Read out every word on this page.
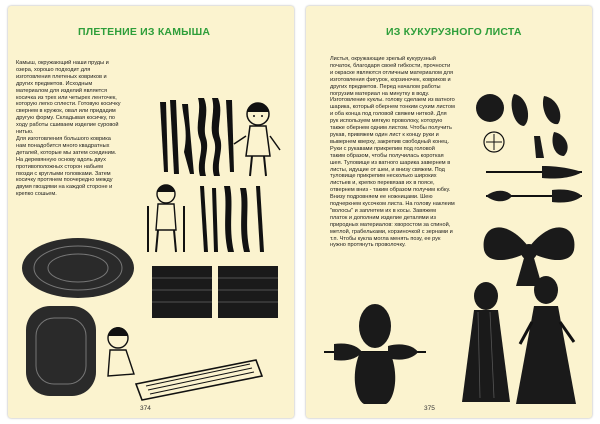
ПЛЕТЕНИЕ ИЗ КАМЫША
Камыш, окружающий наши пруды и
озера, хорошо подходит для
изготовления плетеных ковриков и
других предметов. Исходным
материалом для изделий является
косичка из трех или четырех ленточек,
которую легко сплести. Готовую косичку
свернем в кружок, овал или придадим
другую форму. Складывая косичку, по
ходу работы сшиваем изделие суровой
нитью.
Для изготовления большого коврика
нам понадобится много квадратных
деталей, которые мы затем соединим.
На деревянную основу вдоль двух
противоположных сторон набьем
гвозди с круглыми головками. Затем
косичку протянем поочередно между
двумя гвоздями на каждой стороне и
крепко сошьем.
374
ИЗ КУКУРУЗНОГО ЛИСТА
Листья, окружающие зрелый кукурузный
початок, благодаря своей гибкости, прочности
и окраске являются отличным материалом для
изготовления фигурок, корзиночек, ковриков и
других предметов. Перед началом работы
погрузим материал на минутку в воду.
Изготовление куклы. голову сделаем из ватного
шарика, который обернем тонким сухим листом
и оба конца под головой свяжем ниткой. Для
рук используем мягкую проволоку, которую
также обернем одним листом. Чтобы получить
рукав, привяжем один лист к концу руки и
вывернем кверху, закрепив свободный конец.
Руки с рукавами прикрепим под головой
таким образом, чтобы получилась короткая
шея. Туловище из ватного шарика завернем в
листы, идущие от шеи, и внизу свяжем. Под
туловище прикрепим несколько широких
листьев и, крепко перевязав их в поясе,
отвернем вниз - таким образом получим юбку.
Внизу подровняем ее ножницами. Шею
подчеркнем кусочком листа. На голову наклеим
"волосы" и заплетем их в косы. Завяжем
платок и дополним изделие деталями из
природных материалов: хворостом за спиной,
метлой, грабельками, корзиночкой с зернами и
т.п. Чтобы кукла могла менять позу, ее рук
нужно протянуть проволочку.
375
